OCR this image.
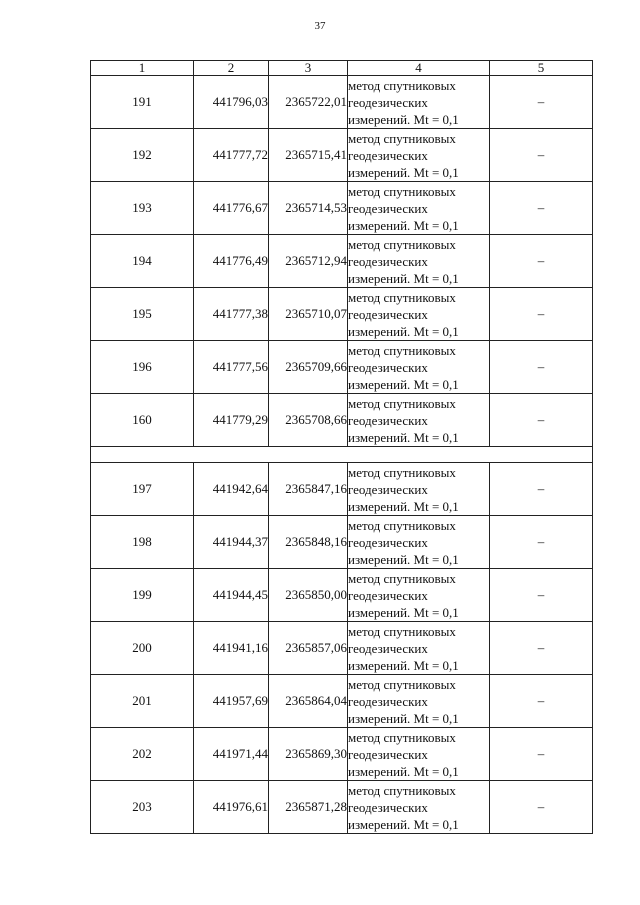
37
1	2	3	4	5
191	441796,03	2365722,01	метод спутниковых
геодезических
измерений. Mt = 0,1	–
192	441777,72	2365715,41	метод спутниковых
геодезических
измерений. Mt = 0,1	–
193	441776,67	2365714,53	метод спутниковых
геодезических
измерений. Mt = 0,1	–
194	441776,49	2365712,94	метод спутниковых
геодезических
измерений. Mt = 0,1	–
195	441777,38	2365710,07	метод спутниковых
геодезических
измерений. Mt = 0,1	–
196	441777,56	2365709,66	метод спутниковых
геодезических
измерений. Mt = 0,1	–
160	441779,29	2365708,66	метод спутниковых
геодезических
измерений. Mt = 0,1	–

197	441942,64	2365847,16	метод спутниковых
геодезических
измерений. Mt = 0,1	–
198	441944,37	2365848,16	метод спутниковых
геодезических
измерений. Mt = 0,1	–
199	441944,45	2365850,00	метод спутниковых
геодезических
измерений. Mt = 0,1	–
200	441941,16	2365857,06	метод спутниковых
геодезических
измерений. Mt = 0,1	–
201	441957,69	2365864,04	метод спутниковых
геодезических
измерений. Mt = 0,1	–
202	441971,44	2365869,30	метод спутниковых
геодезических
измерений. Mt = 0,1	–
203	441976,61	2365871,28	метод спутниковых
геодезических
измерений. Mt = 0,1	–
